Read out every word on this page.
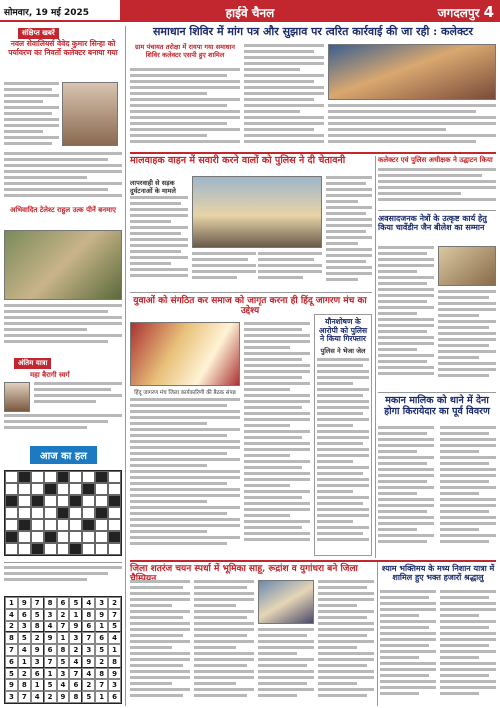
सोमवार, 19 मई 2025	हाईवे चैनल	जगदलपुर 4
संक्षिप्त खबरें
नवल सेवालियर्स वेवेद कुमार सिन्हा को पर्यावरण का निवर्तो कलेक्टर बनाया गया
अभिवादित टेलेश्ट राहुल उत्क पीनें बनमाए
अंतिम यात्रा
महा बैरागी स्वर्ग
आज का हल
1	9	7	8	6	5	4	3	2
4	6	5	3	2	1	8	9	7
2	3	8	4	7	9	6	1	5
8	5	2	9	1	3	7	6	4
7	4	9	6	8	2	3	5	1
6	1	3	7	5	4	9	2	8
5	2	6	1	3	7	4	8	9
9	8	1	5	4	6	2	7	3
3	7	4	2	9	8	5	1	6
समाधान शिविर में मांग पत्र और सुझाव पर त्वरित कार्रवाई की जा रही : कलेक्टर
ग्राम पंचायत तरोक्षा में रायपा गया समाधान शिविर कलेक्टर एसपी हुए शामिल
मालवाहक वाहन में सवारी करने वालों को पुलिस ने दी चेतावनी
लापरवाही से सड़क दुर्घटनाओं के मामले
युवाओं को संगठित कर समाज को जागृत करना ही हिंदू जागरण मंच का उद्देश्य
हिंदू जागरण मंच जिला कार्यकारिणी की बैठक संपन्न
यौनशोषण के आरोपी को पुलिस ने किया गिरफ्तार
पुलिस ने भेजा जेल
कलेक्टर एवं पुलिस अधीक्षक ने उद्घाटन किया
अवसादजनक नेत्रों के उत्कृष्ट कार्य हेतु किया चार्वेडीन जैन बीलेश का सम्मान
मकान मालिक को थाने में देना होगा किरायेदार का पूर्व विवरण
जिला शतरंज चयन स्पर्धा में भूमिका साहू, रूद्रांश व युगांधरा बने जिला	श्याम भक्तिमय के मध्य निशान यात्रा में शामिल हुए भक्त हजारों श्रद्धालु
